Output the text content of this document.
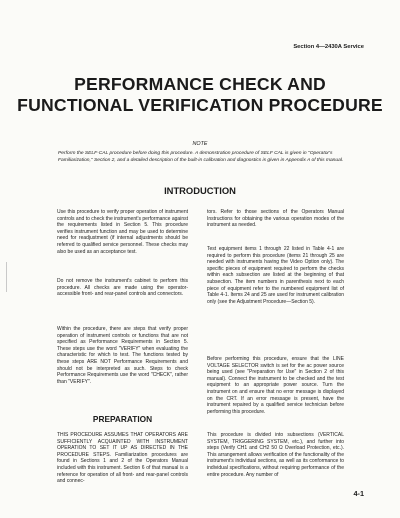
Section 4—2430A Service
PERFORMANCE CHECK AND
FUNCTIONAL VERIFICATION PROCEDURE
NOTE
Perform the SELF-CAL procedure before doing this procedure. A demonstration procedure of SELF CAL is given in "Operator's Familiarization," Section 2, and a detailed description of the built-in calibration and diagnostics is given in Appendix A of this manual.
INTRODUCTION

Use this procedure to verify proper operation of instrument controls and to check the instrument's performance against the requirements listed in Section 5. This procedure verifies instrument function and may be used to determine need for readjustment (if internal adjustments should be referred to qualified service personnel. These checks may also be used as an acceptance test.

Do not remove the instrument's cabinet to perform this procedure. All checks are made using the operator-accessible front- and rear-panel controls and connectors.

Within the procedure, there are steps that verify proper operation of instrument controls or functions that are not specified as Performance Requirements in Section 5. These steps use the word "VERIFY" when evaluating the characteristic for which to test. The functions tested by these steps ARE NOT Performance Requirements and should not be interpreted as such. Steps to check Performance Requirements use the word "CHECK", rather than "VERIFY".

PREPARATION

THIS PROCEDURE ASSUMES THAT OPERATORS ARE SUFFICIENTLY ACQUAINTED WITH INSTRUMENT OPERATION TO SET IT UP AS DIRECTED IN THE PROCEDURE STEPS. Familiarization procedures are found in Sections 1 and 2 of the Operators Manual included with this instrument. Section 6 of that manual is a reference for operation of all front- and rear-panel controls and connec-

tors. Refer to those sections of the Operators Manual Instructions for obtaining the various operation modes of the instrument as needed.

Test equipment items 1 through 22 listed in Table 4-1 are required to perform this procedure (items 21 through 25 are needed with instruments having the Video Option only). The specific pieces of equipment required to perform the checks within each subsection are listed at the beginning of that subsection. The item numbers in parenthesis next to each piece of equipment refer to the numbered equipment list of Table 4-1. Items 24 and 25 are used for instrument calibration only (see the Adjustment Procedure—Section 5).

Before performing this procedure, ensure that the LINE VOLTAGE SELECTOR switch is set for the ac power source being used (see "Preparation for Use" in Section 2 of this manual). Connect the instrument to be checked and the test equipment to an appropriate power source. Turn the instrument on and ensure that no error message is displayed on the CRT. If an error message is present, have the instrument repaired by a qualified service technician before performing this procedure.

This procedure is divided into subsections (VERTICAL SYSTEM, TRIGGERING SYSTEM, etc.), and further into steps (Verify CH1 and CH2 50 Ω Overload Protection, etc.). This arrangement allows verification of the functionality of the instrument's individual sections, as well as its conformance to individual specifications, without requiring performance of the entire procedure. Any number of

4-1
